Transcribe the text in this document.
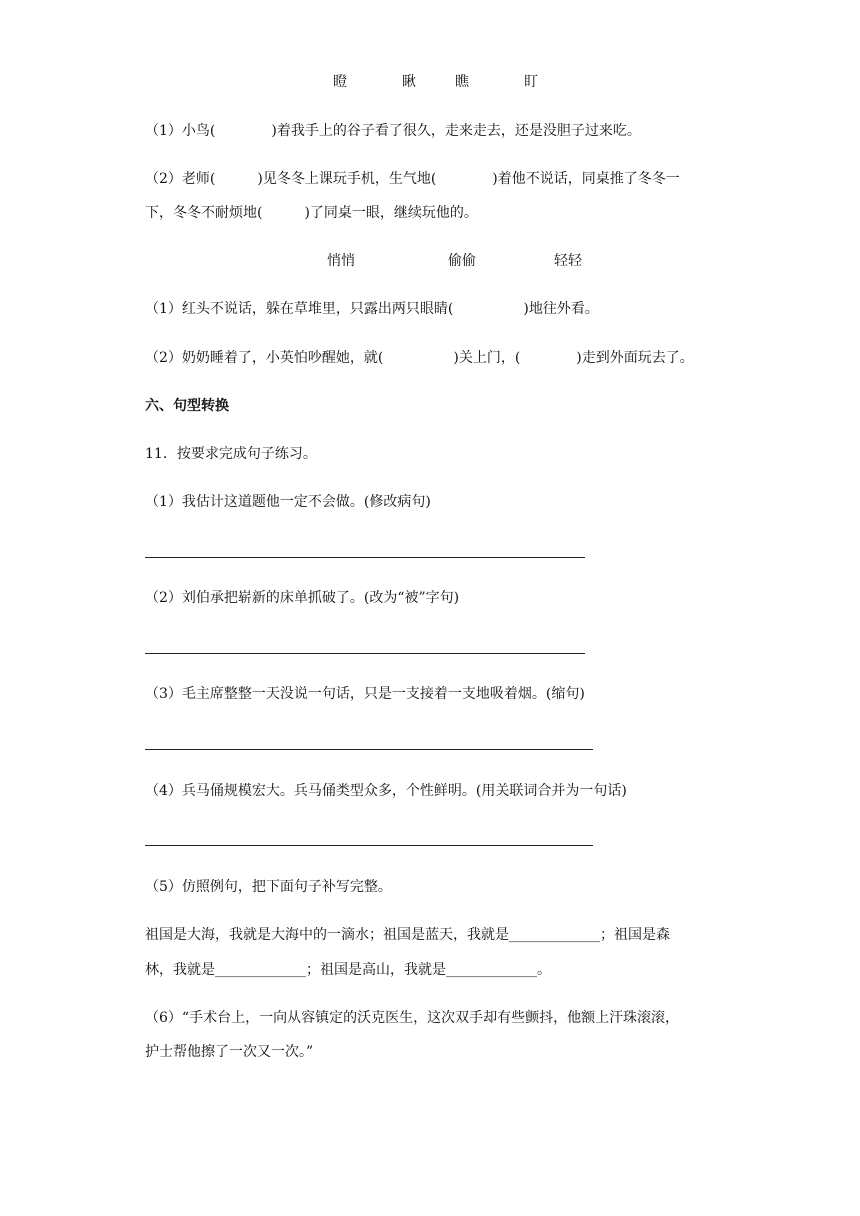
瞪	瞅	瞧	盯
（1）小鸟(　　　　)着我手上的谷子看了很久，走来走去，还是没胆子过来吃。
（2）老师(　　　)见冬冬上课玩手机，生气地(　　　　)着他不说话，同桌推了冬冬一
下，冬冬不耐烦地(　　　)了同桌一眼，继续玩他的。
悄悄	偷偷	轻轻
（1）红头不说话，躲在草堆里，只露出两只眼睛(　　　　　)地往外看。
（2）奶奶睡着了，小英怕吵醒她，就(　　　　　)关上门，(　　　　)走到外面玩去了。
六、句型转换
11．按要求完成句子练习。
（1）我估计这道题他一定不会做。(修改病句)
（2）刘伯承把崭新的床单抓破了。(改为“被”字句)
（3）毛主席整整一天没说一句话，只是一支接着一支地吸着烟。(缩句)
（4）兵马俑规模宏大。兵马俑类型众多，个性鲜明。(用关联词合并为一句话)
（5）仿照例句，把下面句子补写完整。
祖国是大海，我就是大海中的一滴水；祖国是蓝天，我就是_____________；祖国是森
林，我就是_____________；祖国是高山，我就是_____________。
（6）“手术台上，一向从容镇定的沃克医生，这次双手却有些颤抖，他额上汗珠滚滚，
护士帮他擦了一次又一次。”
